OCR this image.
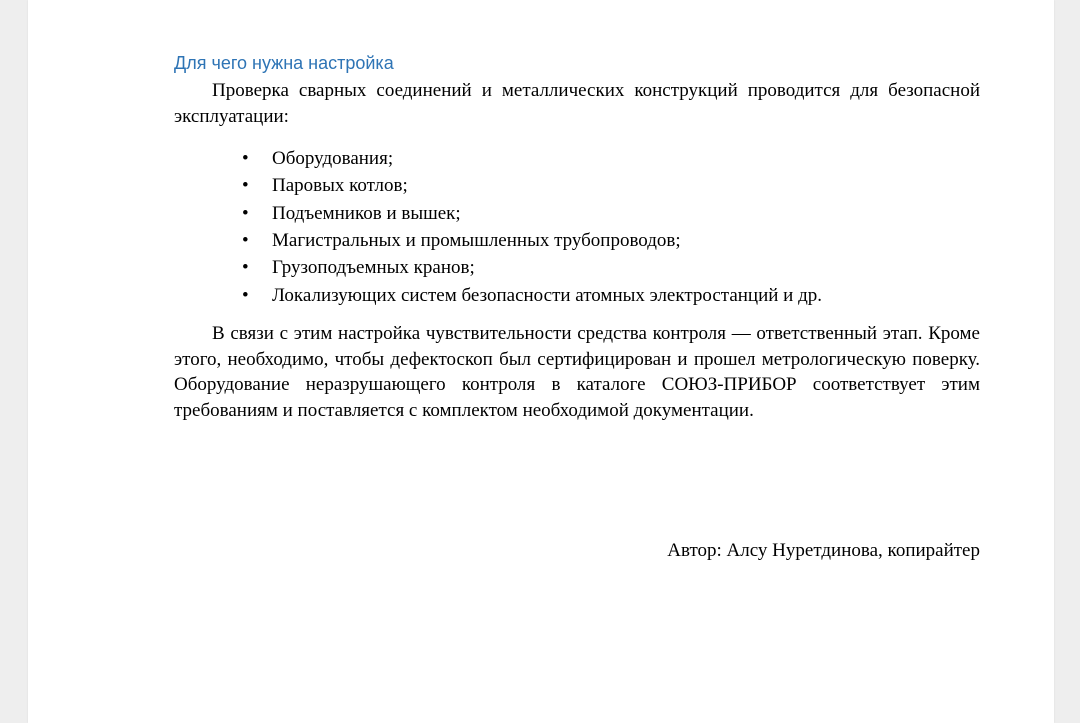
Для чего нужна настройка

Проверка сварных соединений и металлических конструкций проводится для безопасной эксплуатации:

• Оборудования;
• Паровых котлов;
• Подъемников и вышек;
• Магистральных и промышленных трубопроводов;
• Грузоподъемных кранов;
• Локализующих систем безопасности атомных электростанций и др.

В связи с этим настройка чувствительности средства контроля — ответственный этап. Кроме этого, необходимо, чтобы дефектоскоп был сертифицирован и прошел метрологическую поверку. Оборудование неразрушающего контроля в каталоге СОЮЗ-ПРИБОР соответствует этим требованиям и поставляется с комплектом необходимой документации.

Автор: Алсу Нуретдинова, копирайтер
